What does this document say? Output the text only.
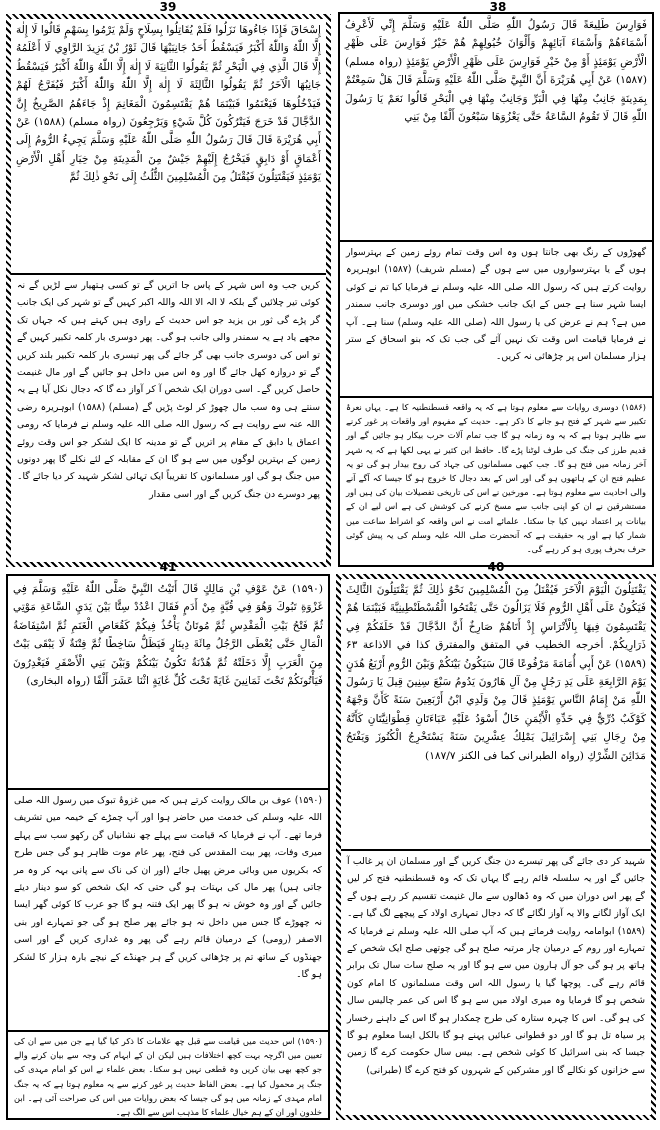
38

فَوَارِسَ طَلِيعَةً قَالَ رَسُولُ اللّٰهِ صَلَّى اللّٰهُ عَلَيْهِ وَسَلَّمَ إِنِّي لَأَعْرِفُ أَسْمَاءَهُمْ وَأَسْمَاءَ آبَائِهِمْ وَأَلْوَانَ خُيُولِهِمْ هُمْ خَيْرُ فَوَارِسَ عَلَى ظَهْرِ الْأَرْضِ يَوْمَئِذٍ أَوْ مِنْ خَيْرِ فَوَارِسَ عَلَى ظَهْرِ الْأَرْضِ يَوْمَئِذٍ (رواہ مسلم) (۱۵۸۷) عَنْ أَبِي هُرَيْرَةَ أَنَّ النَّبِيَّ صَلَّى اللّٰهُ عَلَيْهِ وَسَلَّمَ قَالَ هَلْ سَمِعْتُمْ بِمَدِينَةٍ جَانِبٌ مِنْهَا فِي الْبَرِّ وَجَانِبٌ مِنْهَا فِي الْبَحْرِ قَالُوا نَعَمْ يَا رَسُولَ اللّٰهِ قَالَ لَا تَقُومُ السَّاعَةُ حَتَّى يَغْزُوَهَا سَبْعُونَ أَلْفًا مِنْ بَنِي

گھوڑوں کے رنگ بھی جانتا ہوں وہ اس وقت تمام روئے زمین کے بہترسوار ہوں گے یا بہترسواروں میں سے ہوں گے (مسلم شریف) (۱۵۸۷) ابوہریرہ روایت کرتے ہیں کہ رسول اللہ صلی اللہ علیہ وسلم نے فرمایا کیا تم نے کوئی ایسا شہر سنا ہے جس کے ایک جانب خشکی میں اور دوسری جانب سمندر میں ہے؟ ہم نے عرض کی یا رسول اللہ (صلی اللہ علیہ وسلم) سنا ہے۔ آپ نے فرمایا قیامت اس وقت تک نہیں آئے گی جب تک کہ بنو اسحاق کے ستر ہزار مسلمان اس پر چڑھائی نہ کریں۔

(۱۵۸۶) دوسری روایات سے معلوم ہوتا ہے کہ یہ واقعہ قسطنطنیہ کا ہے۔ یہاں نعرۂ تکبیر سے شہر کے فتح ہو جانے کا ذکر ہے۔ حدیث کے مفہوم اور واقعات پر غور کرنے سے ظاہر ہوتا ہے کہ یہ وہ زمانہ ہو گا جب تمام آلات حرب بیکار ہو جائیں گے اور قدیم طرز کی جنگ کی طرف لوٹنا پڑے گا۔ حافظ ابن کثیر نے یہی لکھا ہے کہ یہ شہر آخر زمانہ میں فتح ہو گا۔ جب کبھی مسلمانوں کی جہاد کی روح بیدار ہو گی تو یہ عظیم فتح ان کے ہاتھوں ہو گی اور اس کے بعد دجال کا خروج ہو گا جیسا کہ آگے آنے والی احادیث سے معلوم ہوتا ہے۔ مورخین نے اس کی تاریخی تفصیلات بیان کی ہیں اور مستشرقین نے ان کو اپنی جانب سے مسخ کرنے کی کوشش کی ہے اس لیے ان کے بیانات پر اعتماد نہیں کیا جا سکتا۔ علمائے امت نے اس واقعہ کو اشراط ساعت میں شمار کیا ہے اور یہ حقیقت ہے کہ آنحضرت صلی اللہ علیہ وسلم کی یہ پیش گوئی حرف بحرف پوری ہو کر رہے گی۔

إِسْحَاقَ فَإِذَا جَاءُوهَا نَزَلُوا فَلَمْ يُقَاتِلُوا بِسِلَاحٍ وَلَمْ يَرْمُوا بِسَهْمٍ قَالُوا لَا إِلٰهَ إِلَّا اللّٰهُ وَاللّٰهُ أَكْبَرُ فَيَسْقُطُ أَحَدُ جَانِبَيْهَا قَالَ ثَوْرُ بْنُ يَزِيدَ الرَّاوِي لَا أَعْلَمُهُ إِلَّا قَالَ الَّذِي فِي الْبَحْرِ ثُمَّ يَقُولُوا الثَّانِيَةَ لَا إِلٰهَ إِلَّا اللّٰهُ وَاللّٰهُ أَكْبَرُ فَيَسْقُطُ جَانِبُهَا الْآخَرُ ثُمَّ يَقُولُوا الثَّالِثَةَ لَا إِلٰهَ إِلَّا اللّٰهُ وَاللّٰهُ أَكْبَرُ فَيُفَرَّجُ لَهُمْ فَيَدْخُلُوهَا فَيَغْنَمُوا فَبَيْنَمَا هُمْ يَقْتَسِمُونَ الْمَغَانِمَ إِذْ جَاءَهُمُ الصَّرِيخُ إِنَّ الدَّجَّالَ قَدْ خَرَجَ فَيَتْرُكُونَ كُلَّ شَيْءٍ وَيَرْجِعُونَ (رواہ مسلم) (۱۵۸۸) عَنْ أَبِي هُرَيْرَةَ قَالَ قَالَ رَسُولُ اللّٰهِ صَلَّى اللّٰهُ عَلَيْهِ وَسَلَّمَ يَجِيءُ الرُّومُ إِلَى أَعْمَاقٍ أَوْ دَابِقٍ فَيَخْرُجُ إِلَيْهِمْ جَيْشٌ مِنَ الْمَدِينَةِ مِنْ خِيَارِ أَهْلِ الْأَرْضِ يَوْمَئِذٍ فَيَقْتَتِلُونَ فَيُقْتَلُ مِنَ الْمُسْلِمِينَ الثُّلُثُ إِلَى نَحْوِ ذٰلِكَ ثُمَّ

کریں جب وہ اس شہر کے پاس جا اتریں گے تو کسی ہتھیار سے لڑیں گے نہ کوئی تیر چلائیں گے بلکہ لا الہ الا اللہ واللہ اکبر کہیں گے تو شہر کی ایک جانب گر پڑے گی ثور بن یزید جو اس حدیث کے راوی ہیں کہتے ہیں کہ جہاں تک مجھے یاد ہے یہ سمندر والی جانب ہو گی۔ پھر دوسری بار کلمہ تکبیر کہیں گے تو اس کی دوسری جانب بھی گر جائے گی پھر تیسری بار کلمہ تکبیر بلند کریں گے تو دروازہ کھل جائے گا اور وہ اس میں داخل ہو جائیں گے اور مال غنیمت حاصل کریں گے۔ اسی دوران ایک شخص آ کر آواز دے گا کہ دجال نکل آیا ہے یہ سنتے ہی وہ سب مال چھوڑ کر لوٹ پڑیں گے (مسلم) (۱۵۸۸) ابوہریرہ رضی اللہ عنہ سے روایت ہے کہ رسول اللہ صلی اللہ علیہ وسلم نے فرمایا کہ رومی اعماق یا دابق کے مقام پر اتریں گے تو مدینہ کا ایک لشکر جو اس وقت روئے زمین کے بہترین لوگوں میں سے ہو گا ان کے مقابلہ کے لئے نکلے گا پھر دونوں میں جنگ ہو گی اور مسلمانوں کا تقریباً ایک تہائی لشکر شہید کر دیا جائے گا۔ پھر دوسرے دن جنگ کریں گے اور اسی مقدار

39

يَقْتَتِلُونَ الْيَوْمَ الْآخَرَ فَيُقْتَلُ مِنَ الْمُسْلِمِينَ نَحْوُ ذٰلِكَ ثُمَّ يَقْتَتِلُونَ الثَّالِثَ فَيَكُونُ عَلَى أَهْلِ الرُّومِ فَلَا يَزَالُونَ حَتَّى يَفْتَحُوا الْقُسْطَنْطِينِيَّةَ فَبَيْنَمَا هُمْ يَقْتَسِمُونَ فِيهَا بِالْأَتْرَاسِ إِذْ أَتَاهُمْ صَارِخٌ أَنَّ الدَّجَّالَ قَدْ خَلَفَكُمْ فِي ذَرَارِيكُمْ. أخرجه الخطيب في المتفق والمفترق كذا في الاذاعة ۶۳ (۱۵۸۹) عَنْ أَبِي أُمَامَةَ مَرْفُوعًا قَالَ سَيَكُونُ بَيْنَكُمْ وَبَيْنَ الرُّومِ أَرْبَعُ هُدَنٍ يَوْمَ الرَّابِعَةِ عَلَى يَدِ رَجُلٍ مِنْ آلِ هَارُونَ يَدُومُ سَبْعَ سِنِينَ قِيلَ يَا رَسُولَ اللّٰهِ مَنْ إِمَامُ النَّاسِ يَوْمَئِذٍ قَالَ مِنْ وَلَدِي ابْنُ أَرْبَعِينَ سَنَةً كَأَنَّ وَجْهَهُ كَوْكَبٌ دُرِّيٌّ فِي خَدِّهِ الْأَيْمَنِ خَالٌ أَسْوَدُ عَلَيْهِ عَبَاءَتَانِ قِطْوَانِيَّتَانِ كَأَنَّهُ مِنْ رِجَالِ بَنِي إِسْرَائِيلَ يَمْلِكُ عِشْرِينَ سَنَةً يَسْتَخْرِجُ الْكُنُوزَ وَيَفْتَحُ مَدَائِنَ الشِّرْكِ (رواہ الطبرانی کما فی الکنز ۱۸۷/۷)

شہید کر دی جائے گی پھر تیسرے دن جنگ کریں گے اور مسلمان ان پر غالب آ جائیں گے اور یہ سلسلہ قائم رہے گا یہاں تک کہ وہ قسطنطنیہ فتح کر لیں گے پھر اس دوران میں کہ وہ ڈھالوں سے مال غنیمت تقسیم کر رہے ہوں گے ایک آواز لگانے والا یہ آواز لگائے گا کہ دجال تمہاری اولاد کے پیچھے لگ گیا ہے۔ (۱۵۸۹) ابوامامہ روایت فرماتے ہیں کہ آپ صلی اللہ علیہ وسلم نے فرمایا کہ تمہارے اور روم کے درمیان چار مرتبہ صلح ہو گی چوتھی صلح ایک شخص کے ہاتھ پر ہو گی جو آل ہارون میں سے ہو گا اور یہ صلح سات سال تک برابر قائم رہے گی۔ پوچھا گیا یا رسول اللہ اس وقت مسلمانوں کا امام کون شخص ہو گا فرمایا وہ میری اولاد میں سے ہو گا اس کی عمر چالیس سال کی ہو گی۔ اس کا چہرہ ستارہ کی طرح چمکدار ہو گا اس کے داہنے رخسار پر سیاہ تل ہو گا اور دو قطوانی عبائیں پہنے ہو گا بالکل ایسا معلوم ہو گا جیسا کہ بنی اسرائیل کا کوئی شخص ہے۔ بیس سال حکومت کرے گا زمین سے خزانوں کو نکالے گا اور مشرکین کے شہروں کو فتح کرے گا (طبرانی)

40

(۱۵۹۰) عَنْ عَوْفِ بْنِ مَالِكٍ قَالَ أَتَيْتُ النَّبِيَّ صَلَّى اللّٰهُ عَلَيْهِ وَسَلَّمَ فِي غَزْوَةِ تَبُوكَ وَهُوَ فِي قُبَّةٍ مِنْ أَدَمٍ فَقَالَ اعْدُدْ سِتًّا بَيْنَ يَدَيِ السَّاعَةِ مَوْتِي ثُمَّ فَتْحُ بَيْتِ الْمَقْدِسِ ثُمَّ مُوتَانٌ يَأْخُذُ فِيكُمْ كَقُعَاصِ الْغَنَمِ ثُمَّ اسْتِفَاضَةُ الْمَالِ حَتَّى يُعْطَى الرَّجُلُ مِائَةَ دِينَارٍ فَيَظَلُّ سَاخِطًا ثُمَّ فِتْنَةٌ لَا يَبْقَى بَيْتٌ مِنَ الْعَرَبِ إِلَّا دَخَلَتْهُ ثُمَّ هُدْنَةٌ تَكُونُ بَيْنَكُمْ وَبَيْنَ بَنِي الْأَصْفَرِ فَيَغْدِرُونَ فَيَأْتُونَكُمْ تَحْتَ ثَمَانِينَ غَايَةً تَحْتَ كُلِّ غَايَةٍ اثْنَا عَشَرَ أَلْفًا (رواہ البخاری)

(۱۵۹۰) عوف بن مالک روایت کرتے ہیں کہ میں غزوۂ تبوک میں رسول اللہ صلی اللہ علیہ وسلم کی خدمت میں حاضر ہوا اور آپ چمڑے کے خیمہ میں تشریف فرما تھے۔ آپ نے فرمایا کہ قیامت سے پہلے چھ نشانیاں گن رکھو سب سے پہلے میری وفات، پھر بیت المقدس کی فتح، پھر عام موت ظاہر ہو گی جس طرح کہ بکریوں میں وبائی مرض پھیل جائے (اور ان کی ناک سے پانی بہہ کر وہ مر جاتی ہیں) پھر مال کی بہتات ہو گی حتی کہ ایک شخص کو سو دینار دیئے جائیں گے اور وہ خوش نہ ہو گا پھر ایک فتنہ ہو گا جو عرب کا کوئی گھر ایسا نہ چھوڑے گا جس میں داخل نہ ہو جائے پھر صلح ہو گی جو تمہارے اور بنی الاصفر (رومی) کے درمیان قائم رہے گی پھر وہ غداری کریں گے اور اسی جھنڈوں کے ساتھ تم پر چڑھائی کریں گے ہر جھنڈے کے نیچے بارہ ہزار کا لشکر ہو گا۔

(۱۵۹۰) اس حدیث میں قیامت سے قبل چھ علامات کا ذکر کیا گیا ہے جن میں سے ان کی تعیین میں اگرچہ بہت کچھ اختلافات ہیں لیکن ان کے ابہام کی وجہ سے بیان کرنے والے جو کچھ بھی بیان کریں وہ قطعی نہیں ہو سکتا۔ بعض علماء نے اس کو امام مہدی کی جنگ پر محمول کیا ہے۔ بعض الفاظ حدیث پر غور کرنے سے یہ معلوم ہوتا ہے کہ یہ جنگ امام مہدی کے زمانہ میں ہو گی جیسا کہ بعض روایات میں اس کی صراحت آئی ہے۔ ابن خلدون اور ان کے ہم خیال علماء کا مذہب اس سے الگ ہے۔

41
